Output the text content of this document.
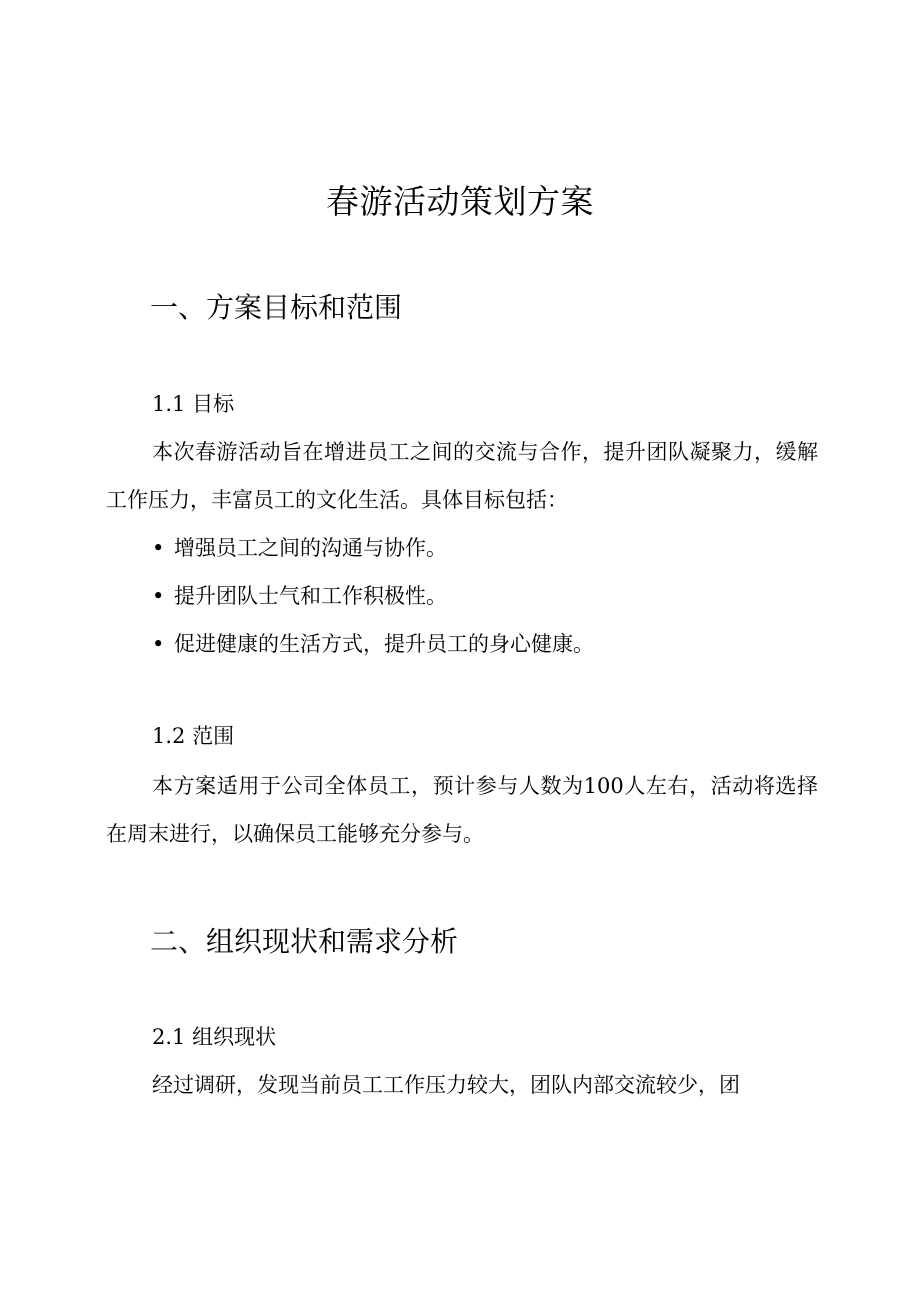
春游活动策划方案
一、方案目标和范围
1.1 目标

本次春游活动旨在增进员工之间的交流与合作，提升团队凝聚力，缓解工作压力，丰富员工的文化生活。具体目标包括：

• 增强员工之间的沟通与协作。
• 提升团队士气和工作积极性。
• 促进健康的生活方式，提升员工的身心健康。
1.2 范围

本方案适用于公司全体员工，预计参与人数为100人左右，活动将选择在周末进行，以确保员工能够充分参与。

二、组织现状和需求分析
2.1 组织现状

经过调研，发现当前员工工作压力较大，团队内部交流较少，团
